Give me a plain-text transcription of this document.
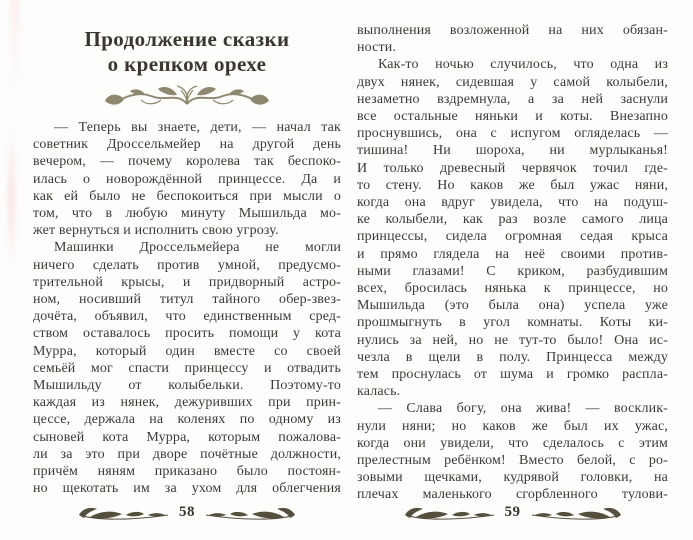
Продолжение сказки
о крепком орехе
— Теперь вы знаете, дети, — начал так
советник Дроссельмейер на другой день
вечером, — почему королева так беспоко-
илась о новорождённой принцессе. Да и
как ей было не беспокоиться при мысли о
том, что в любую минуту Мышильда мо-
жет вернуться и исполнить свою угрозу.
Машинки Дроссельмейера не могли
ничего сделать против умной, предусмо-
трительной крысы, и придворный астро-
ном, носивший титул тайного обер-звез-
дочёта, объявил, что единственным сред-
ством оставалось просить помощи у кота
Мурра, который один вместе со своей
семьёй мог спасти принцессу и отвадить
Мышильду от колыбельки. Поэтому-то
каждая из нянек, дежуривших при прин-
цессе, держала на коленях по одному из
сыновей кота Мурра, которым пожалова-
ли за это при дворе почётные должности,
причём няням приказано было постоян-
но щекотать им за ухом для облегчения
58
выполнения возложенной на них обязан-
ности.
Как-то ночью случилось, что одна из
двух нянек, сидевшая у самой колыбели,
незаметно вздремнула, а за ней заснули
все остальные няньки и коты. Внезапно
проснувшись, она с испугом огляделась —
тишина! Ни шороха, ни мурлыканья!
И только древесный червячок точил где-
то стену. Но каков же был ужас няни,
когда она вдруг увидела, что на подуш-
ке колыбели, как раз возле самого лица
принцессы, сидела огромная седая крыса
и прямо глядела на неё своими против-
ными глазами! С криком, разбудившим
всех, бросилась нянька к принцессе, но
Мышильда (это была она) успела уже
прошмыгнуть в угол комнаты. Коты ки-
нулись за ней, но не тут-то было! Она ис-
чезла в щели в полу. Принцесса между
тем проснулась от шума и громко распла-
калась.
— Слава богу, она жива! — восклик-
нули няни; но каков же был их ужас,
когда они увидели, что сделалось с этим
прелестным ребёнком! Вместо белой, с ро-
зовыми щечками, кудрявой головки, на
плечах маленького сгорбленного тулови-
59
